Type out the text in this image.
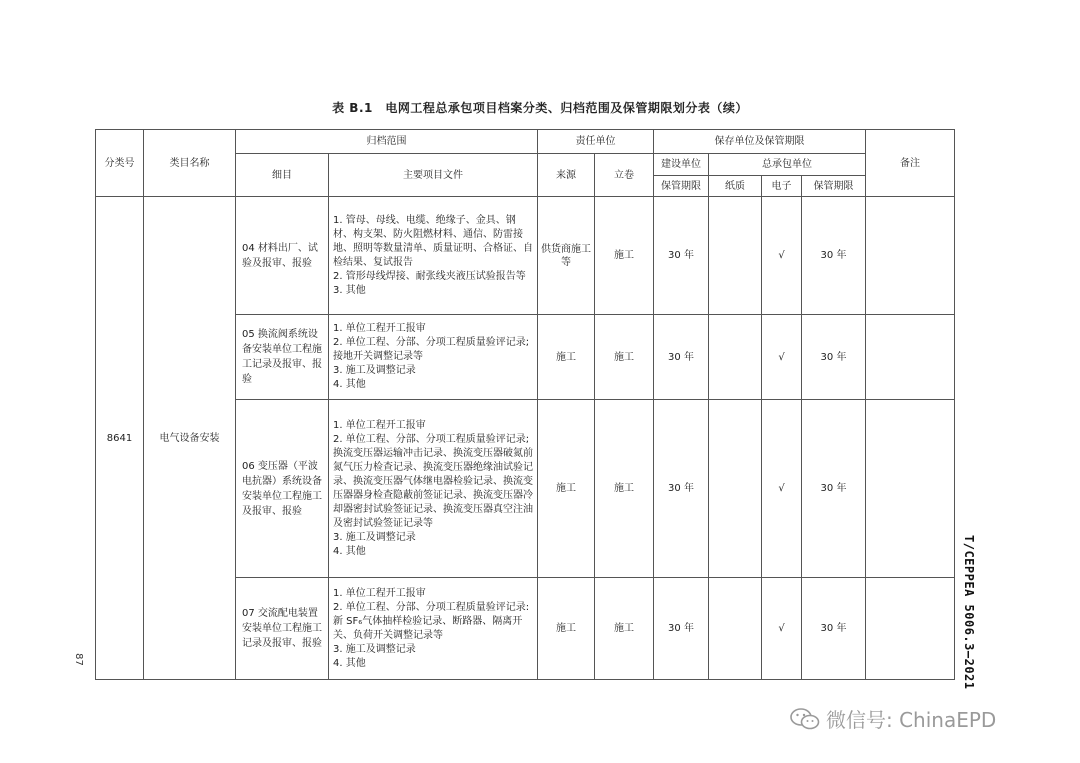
表 B.1　电网工程总承包项目档案分类、归档范围及保管期限划分表（续）
分类号	类目名称	归档范围		责任单位		保存单位及保管期限				备注
		细目	主要项目文件	来源	立卷	建设单位	总承包单位			
						保管期限	纸质	电子	保管期限	
8641	电气设备安装	04 材料出厂、试验及报审、报验	1. 管母、母线、电缆、绝缘子、金具、钢材、构支架、防火阻燃材料、通信、防雷接地、照明等数量清单、质量证明、合格证、自检结果、复试报告
2. 管形母线焊接、耐张线夹液压试验报告等
3. 其他	供货商施工等	施工	30 年		√	30 年	
		05 换流阀系统设备安装单位工程施工记录及报审、报验	1. 单位工程开工报审
2. 单位工程、分部、分项工程质量验评记录;接地开关调整记录等
3. 施工及调整记录
4. 其他	施工	施工	30 年		√	30 年	
		06 变压器（平波电抗器）系统设备安装单位工程施工及报审、报验	1. 单位工程开工报审
2. 单位工程、分部、分项工程质量验评记录;换流变压器运输冲击记录、换流变压器破氮前氮气压力检查记录、换流变压器绝缘油试验记录、换流变压器气体继电器检验记录、换流变压器器身检查隐蔽前签证记录、换流变压器冷却器密封试验签证记录、换流变压器真空注油及密封试验签证记录等
3. 施工及调整记录
4. 其他	施工	施工	30 年		√	30 年	
		07 交流配电装置安装单位工程施工记录及报审、报验	1. 单位工程开工报审
2. 单位工程、分部、分项工程质量验评记录:新 SF₆气体抽样检验记录、断路器、隔离开关、负荷开关调整记录等
3. 施工及调整记录
4. 其他	施工	施工	30 年		√	30 年		T/CEPPEA 5006.3—2021
87
微信号: ChinaEPD
